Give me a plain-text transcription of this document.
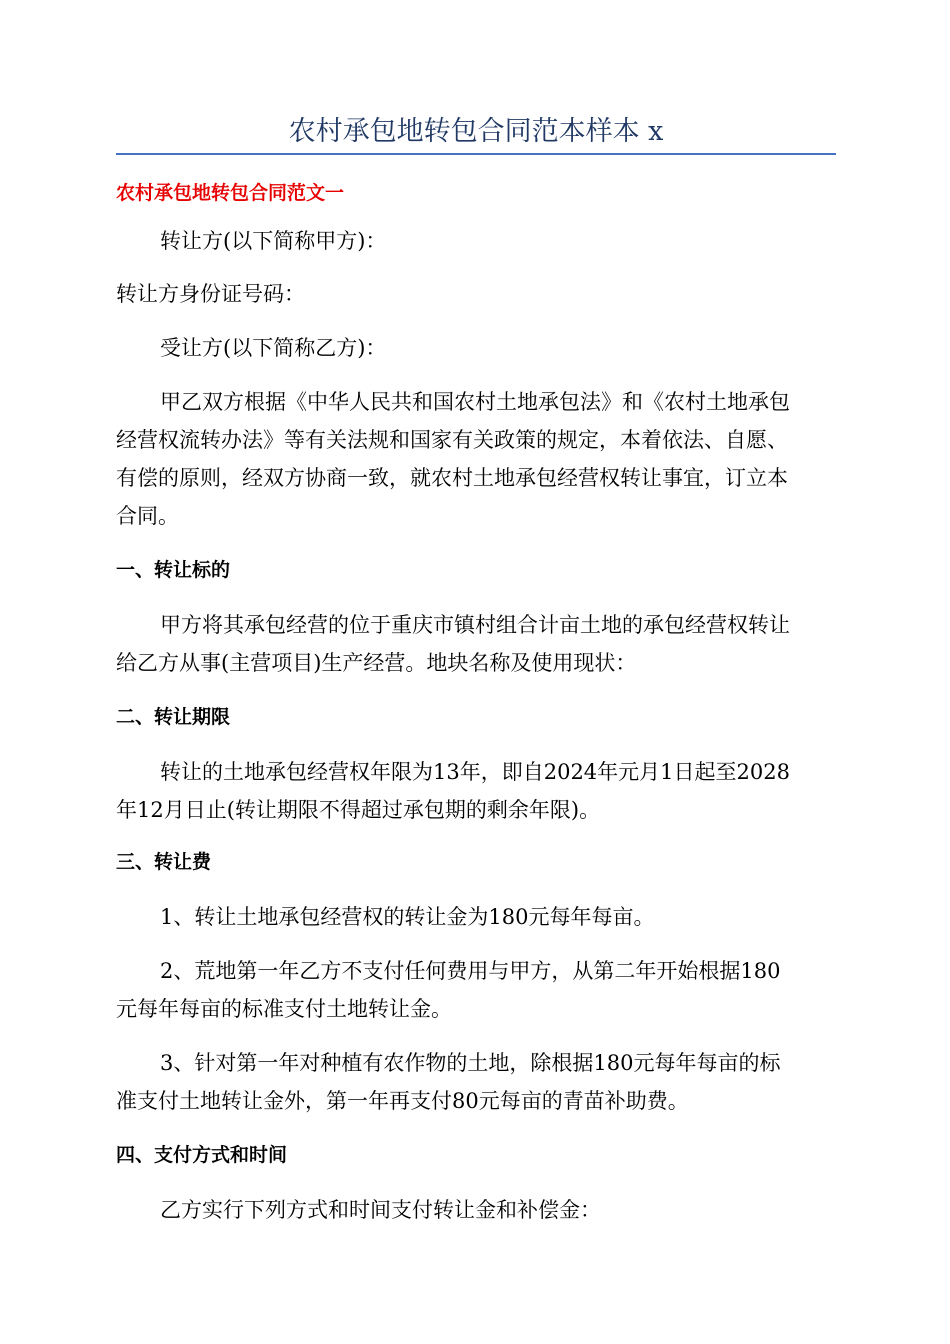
农村承包地转包合同范本样本 x
农村承包地转包合同范文一
转让方(以下简称甲方)：
转让方身份证号码：
受让方(以下简称乙方)：
甲乙双方根据《中华人民共和国农村土地承包法》和《农村土地承包
经营权流转办法》等有关法规和国家有关政策的规定，本着依法、自愿、
有偿的原则，经双方协商一致，就农村土地承包经营权转让事宜，订立本
合同。
一、转让标的
甲方将其承包经营的位于重庆市镇村组合计亩土地的承包经营权转让
给乙方从事(主营项目)生产经营。地块名称及使用现状：
二、转让期限
转让的土地承包经营权年限为13年，即自2024年元月1日起至2028
年12月日止(转让期限不得超过承包期的剩余年限)。
三、转让费
1、转让土地承包经营权的转让金为180元每年每亩。
2、荒地第一年乙方不支付任何费用与甲方，从第二年开始根据180
元每年每亩的标准支付土地转让金。
3、针对第一年对种植有农作物的土地，除根据180元每年每亩的标
准支付土地转让金外，第一年再支付80元每亩的青苗补助费。
四、支付方式和时间
乙方实行下列方式和时间支付转让金和补偿金：
